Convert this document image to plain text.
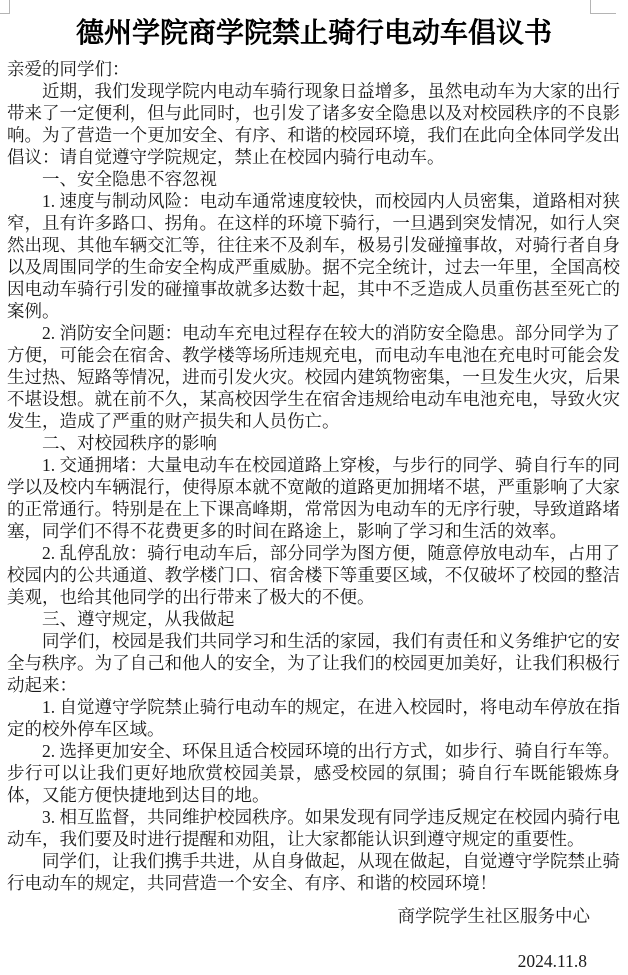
德州学院商学院禁止骑行电动车倡议书

亲爱的同学们：

近期，我们发现学院内电动车骑行现象日益增多，虽然电动车为大家的出行带来了一定便利，但与此同时，也引发了诸多安全隐患以及对校园秩序的不良影响。为了营造一个更加安全、有序、和谐的校园环境，我们在此向全体同学发出倡议：请自觉遵守学院规定，禁止在校园内骑行电动车。

一、安全隐患不容忽视

1. 速度与制动风险：电动车通常速度较快，而校园内人员密集，道路相对狭窄，且有许多路口、拐角。在这样的环境下骑行，一旦遇到突发情况，如行人突然出现、其他车辆交汇等，往往来不及刹车，极易引发碰撞事故，对骑行者自身以及周围同学的生命安全构成严重威胁。据不完全统计，过去一年里，全国高校因电动车骑行引发的碰撞事故就多达数十起，其中不乏造成人员重伤甚至死亡的案例。

2. 消防安全问题：电动车充电过程存在较大的消防安全隐患。部分同学为了方便，可能会在宿舍、教学楼等场所违规充电，而电动车电池在充电时可能会发生过热、短路等情况，进而引发火灾。校园内建筑物密集，一旦发生火灾，后果不堪设想。就在前不久，某高校因学生在宿舍违规给电动车电池充电，导致火灾发生，造成了严重的财产损失和人员伤亡。

二、对校园秩序的影响

1. 交通拥堵：大量电动车在校园道路上穿梭，与步行的同学、骑自行车的同学以及校内车辆混行，使得原本就不宽敞的道路更加拥堵不堪，严重影响了大家的正常通行。特别是在上下课高峰期，常常因为电动车的无序行驶，导致道路堵塞，同学们不得不花费更多的时间在路途上，影响了学习和生活的效率。

2. 乱停乱放：骑行电动车后，部分同学为图方便，随意停放电动车，占用了校园内的公共通道、教学楼门口、宿舍楼下等重要区域，不仅破坏了校园的整洁美观，也给其他同学的出行带来了极大的不便。

三、遵守规定，从我做起

同学们，校园是我们共同学习和生活的家园，我们有责任和义务维护它的安全与秩序。为了自己和他人的安全，为了让我们的校园更加美好，让我们积极行动起来：

1. 自觉遵守学院禁止骑行电动车的规定，在进入校园时，将电动车停放在指定的校外停车区域。

2. 选择更加安全、环保且适合校园环境的出行方式，如步行、骑自行车等。步行可以让我们更好地欣赏校园美景，感受校园的氛围；骑自行车既能锻炼身体，又能方便快捷地到达目的地。

3. 相互监督，共同维护校园秩序。如果发现有同学违反规定在校园内骑行电动车，我们要及时进行提醒和劝阻，让大家都能认识到遵守规定的重要性。

同学们，让我们携手共进，从自身做起，从现在做起，自觉遵守学院禁止骑行电动车的规定，共同营造一个安全、有序、和谐的校园环境！

商学院学生社区服务中心

2024.11.8
